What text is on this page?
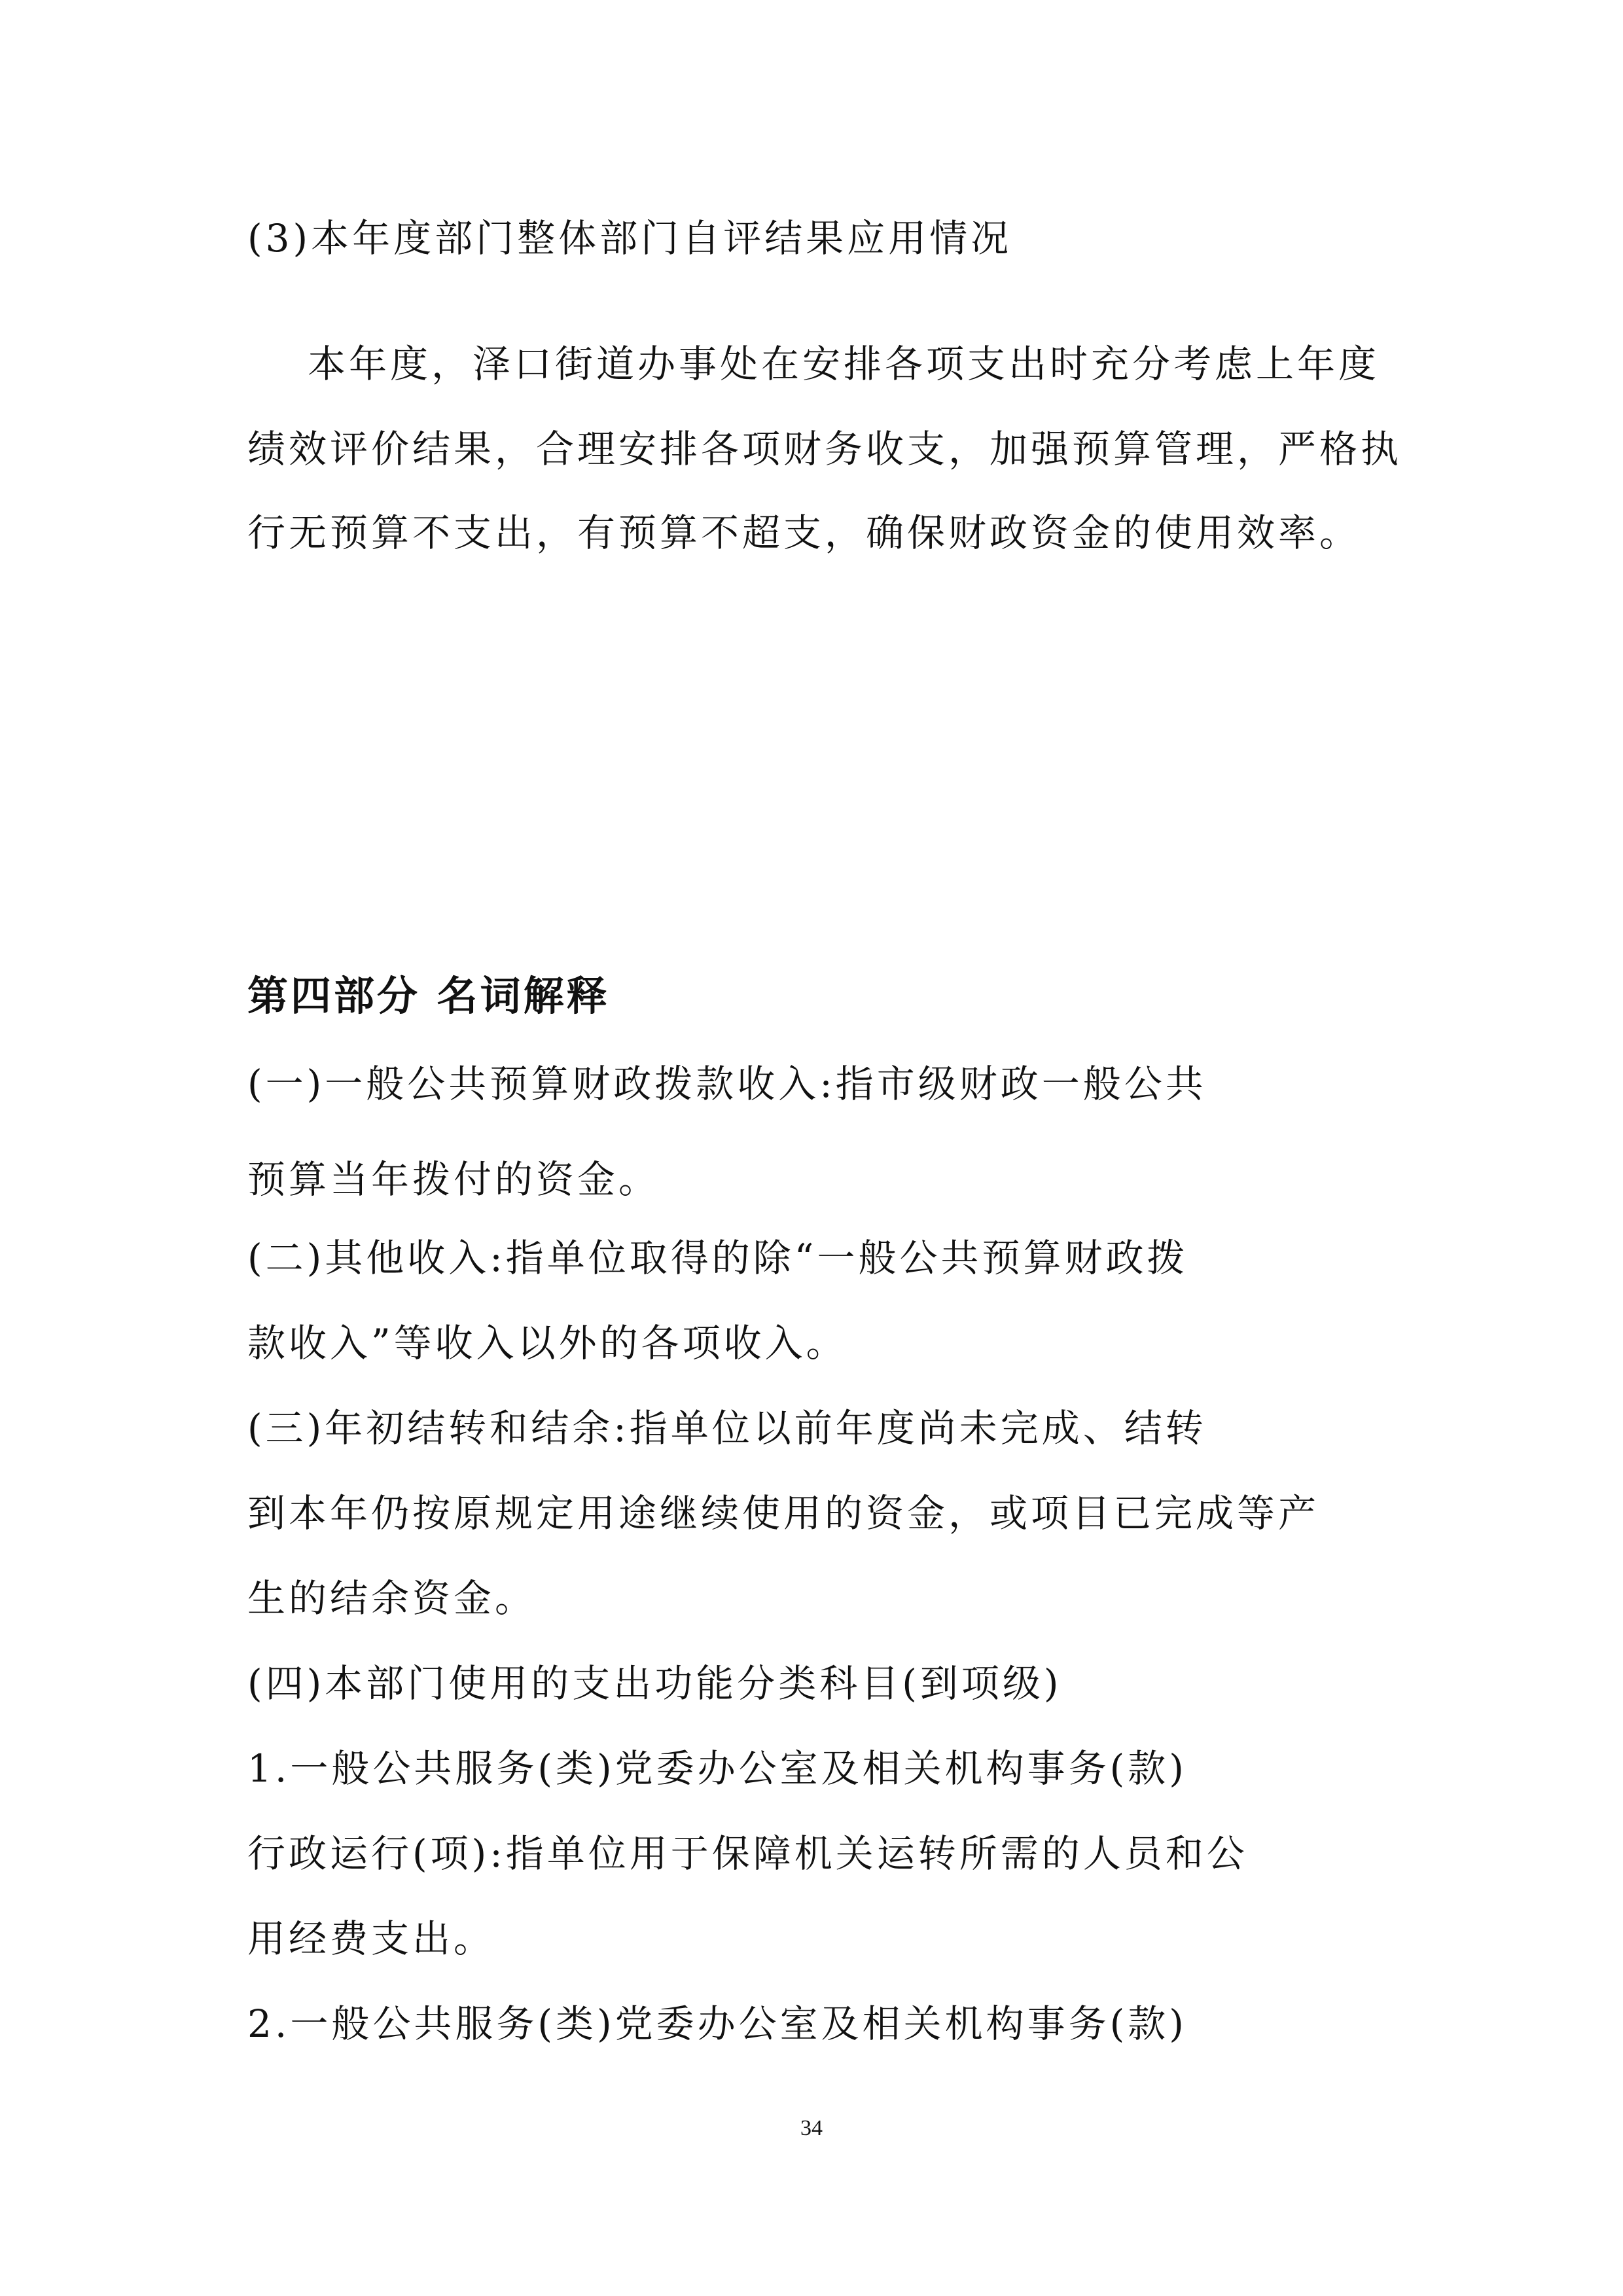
(3)本年度部门整体部门自评结果应用情况
本年度，泽口街道办事处在安排各项支出时充分考虑上年度
绩效评价结果，合理安排各项财务收支，加强预算管理，严格执
行无预算不支出，有预算不超支，确保财政资金的使用效率。
第四部分 名词解释
(一)一般公共预算财政拨款收入:指市级财政一般公共
预算当年拨付的资金。
(二)其他收入:指单位取得的除“一般公共预算财政拨
款收入”等收入以外的各项收入。
(三)年初结转和结余:指单位以前年度尚未完成、结转
到本年仍按原规定用途继续使用的资金，或项目已完成等产
生的结余资金。
(四)本部门使用的支出功能分类科目(到项级)
1.一般公共服务(类)党委办公室及相关机构事务(款)
行政运行(项):指单位用于保障机关运转所需的人员和公
用经费支出。
2.一般公共服务(类)党委办公室及相关机构事务(款)
34
